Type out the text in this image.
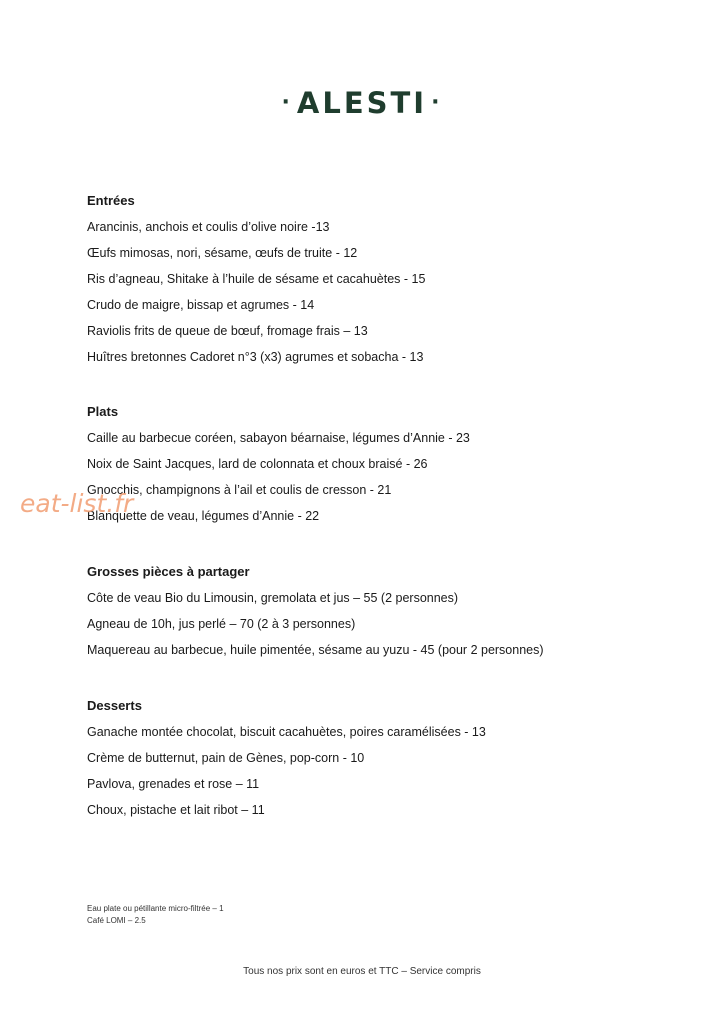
· ALESTI ·
Entrées
Arancinis, anchois et coulis d’olive noire -13
Œufs mimosas, nori, sésame, œufs de truite - 12
Ris d’agneau, Shitake à l’huile de sésame et cacahuètes - 15
Crudo de maigre, bissap et agrumes - 14
Raviolis frits de queue de bœuf, fromage frais – 13
Huîtres bretonnes Cadoret n°3 (x3) agrumes et sobacha - 13
Plats
Caille au barbecue coréen, sabayon béarnaise, légumes d’Annie - 23
Noix de Saint Jacques, lard de colonnata et choux braisé - 26
Gnocchis, champignons à l’ail et coulis de cresson - 21
Blanquette de veau, légumes d’Annie - 22
Grosses pièces à partager
Côte de veau Bio du Limousin, gremolata et jus – 55 (2 personnes)
Agneau de 10h, jus perlé – 70 (2 à 3 personnes)
Maquereau au barbecue, huile pimentée, sésame au yuzu - 45 (pour 2 personnes)
Desserts
Ganache montée chocolat, biscuit cacahuètes, poires caramélisées - 13
Crème de butternut, pain de Gènes, pop-corn - 10
Pavlova, grenades et rose – 11
Choux, pistache et lait ribot – 11
Eau plate ou pétillante micro-filtrée – 1
Café LOMI – 2.5
Tous nos prix sont en euros et TTC – Service compris
eat-list.fr
